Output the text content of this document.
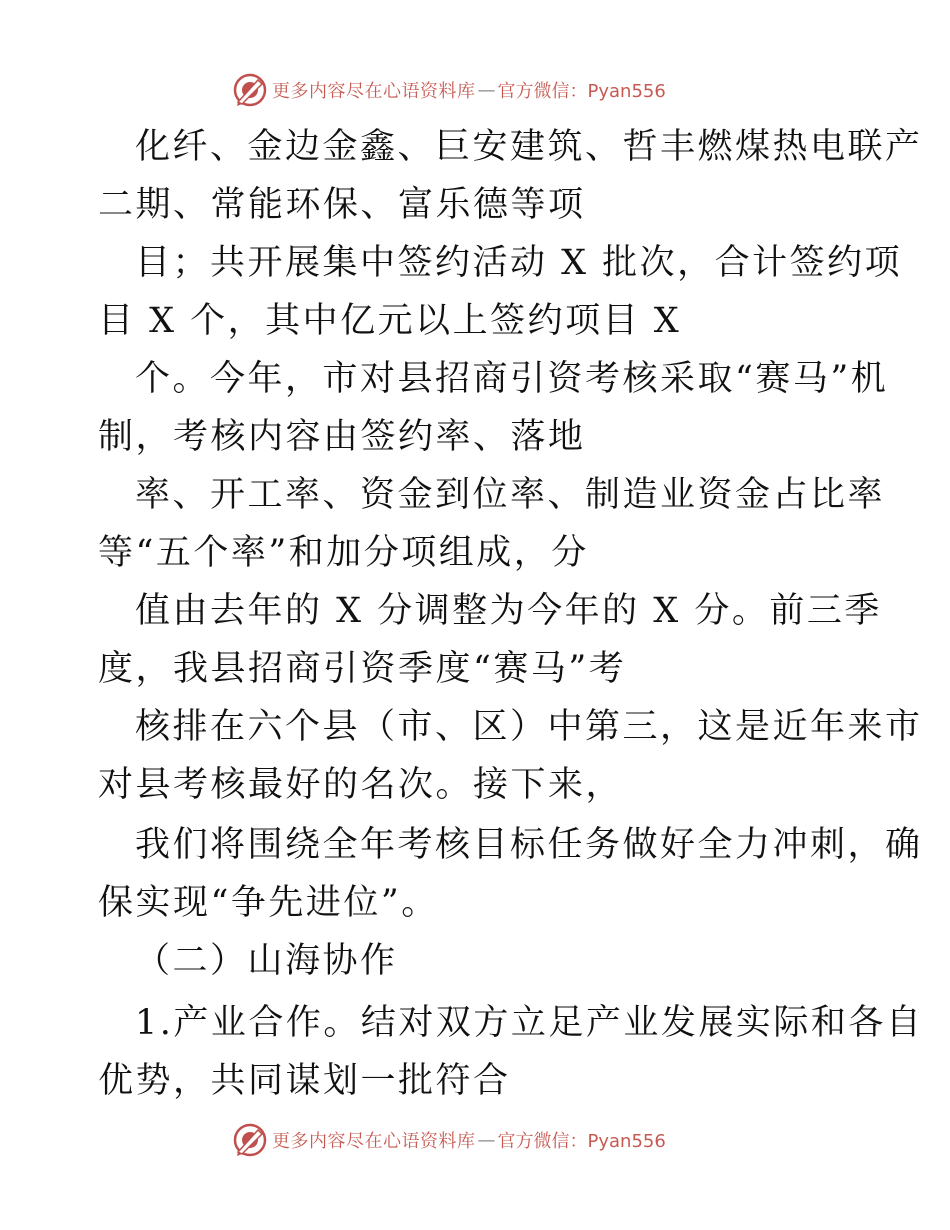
更多内容尽在心语资料库 — 官方微信：Pyan556
化纤、金边金鑫、巨安建筑、哲丰燃煤热电联产
二期、常能环保、富乐德等项
目；共开展集中签约活动 X 批次，合计签约项
目 X 个，其中亿元以上签约项目 X
个。今年，市对县招商引资考核采取“赛马”机
制，考核内容由签约率、落地
率、开工率、资金到位率、制造业资金占比率
等“五个率”和加分项组成，分
值由去年的 X 分调整为今年的 X 分。前三季
度，我县招商引资季度“赛马”考
核排在六个县（市、区）中第三，这是近年来市
对县考核最好的名次。接下来，
我们将围绕全年考核目标任务做好全力冲刺，确
保实现“争先进位”。
（二）山海协作
1.产业合作。结对双方立足产业发展实际和各自
优势，共同谋划一批符合
更多内容尽在心语资料库 — 官方微信：Pyan556
